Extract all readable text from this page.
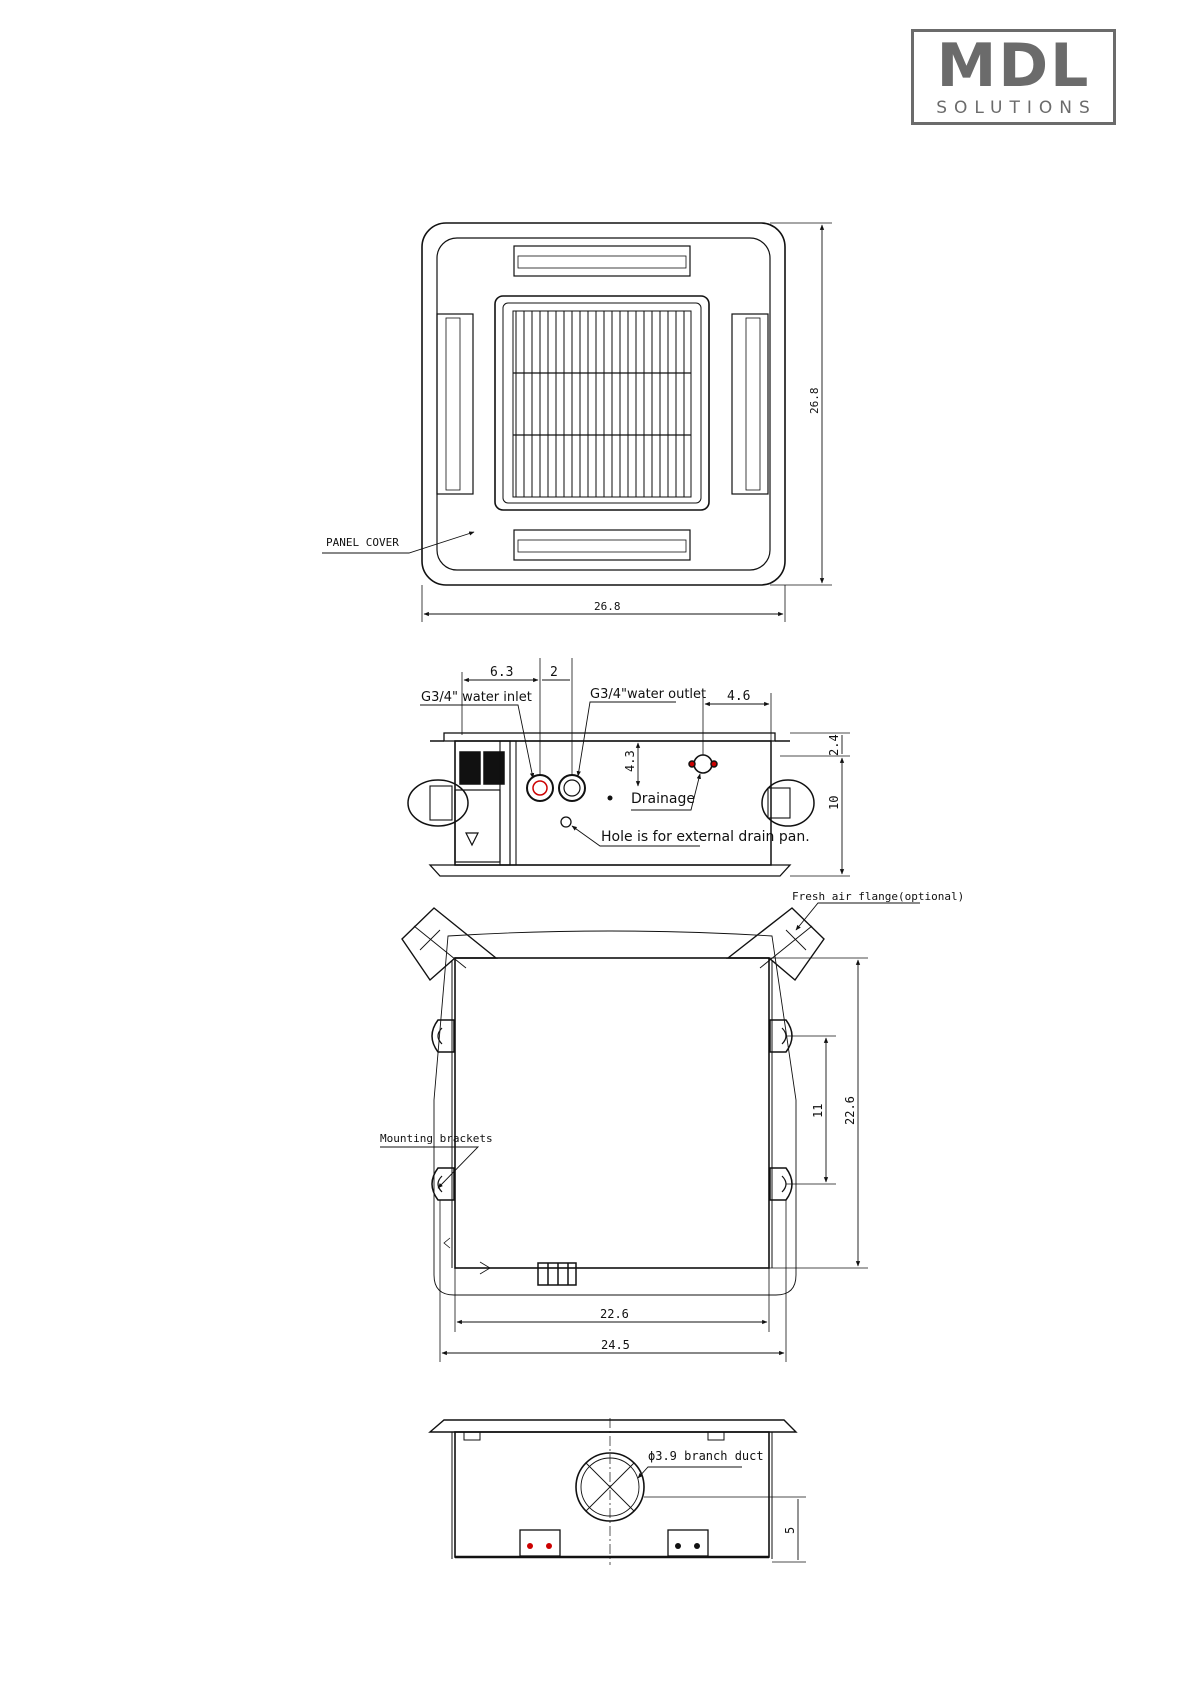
MDL
SOLUTIONS
PANEL COVER
26.8
26.8
6.3	2
4.6
4.3
2.4
10
G3/4" water inlet	G3/4"water outlet
Drainage
Hole is for external drain pan.
Fresh air flange(optional)
Mounting brackets
11 22.6
22.6
24.5
ϕ3.9 branch duct
5
